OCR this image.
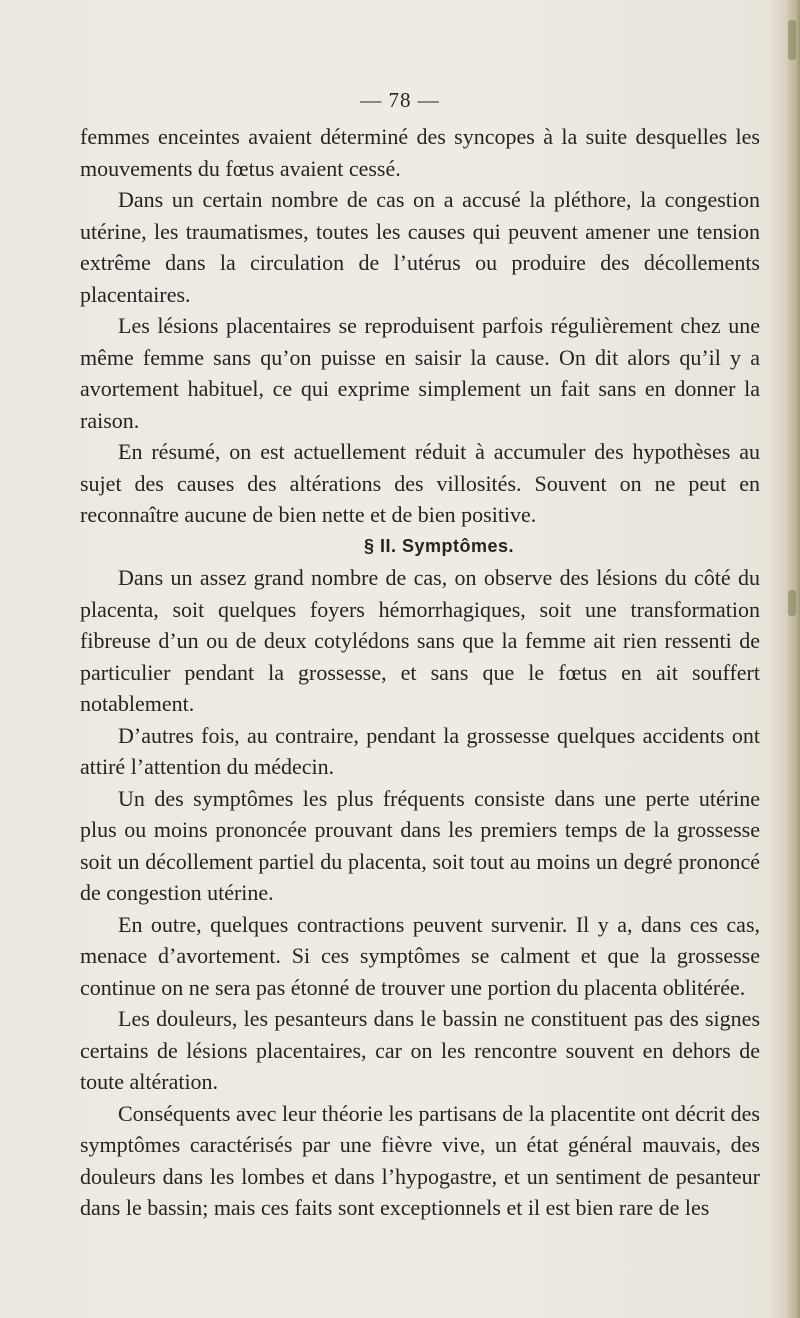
— 78 —

femmes enceintes avaient déterminé des syncopes à la suite desquelles les mouvements du fœtus avaient cessé.

Dans un certain nombre de cas on a accusé la pléthore, la congestion utérine, les traumatismes, toutes les causes qui peuvent amener une tension extrême dans la circulation de l’utérus ou produire des décollements placentaires.

Les lésions placentaires se reproduisent parfois régulièrement chez une même femme sans qu’on puisse en saisir la cause. On dit alors qu’il y a avortement habituel, ce qui exprime simplement un fait sans en donner la raison.

En résumé, on est actuellement réduit à accumuler des hypothèses au sujet des causes des altérations des villosités. Souvent on ne peut en reconnaître aucune de bien nette et de bien positive.

§ II. Symptômes.

Dans un assez grand nombre de cas, on observe des lésions du côté du placenta, soit quelques foyers hémorrhagiques, soit une transformation fibreuse d’un ou de deux cotylédons sans que la femme ait rien ressenti de particulier pendant la grossesse, et sans que le fœtus en ait souffert notablement.

D’autres fois, au contraire, pendant la grossesse quelques accidents ont attiré l’attention du médecin.

Un des symptômes les plus fréquents consiste dans une perte utérine plus ou moins prononcée prouvant dans les premiers temps de la grossesse soit un décollement partiel du placenta, soit tout au moins un degré prononcé de congestion utérine.

En outre, quelques contractions peuvent survenir. Il y a, dans ces cas, menace d’avortement. Si ces symptômes se calment et que la grossesse continue on ne sera pas étonné de trouver une portion du placenta oblitérée.

Les douleurs, les pesanteurs dans le bassin ne constituent pas des signes certains de lésions placentaires, car on les rencontre souvent en dehors de toute altération.

Conséquents avec leur théorie les partisans de la placentite ont décrit des symptômes caractérisés par une fièvre vive, un état général mauvais, des douleurs dans les lombes et dans l’hypogastre, et un sentiment de pesanteur dans le bassin; mais ces faits sont exceptionnels et il est bien rare de les
